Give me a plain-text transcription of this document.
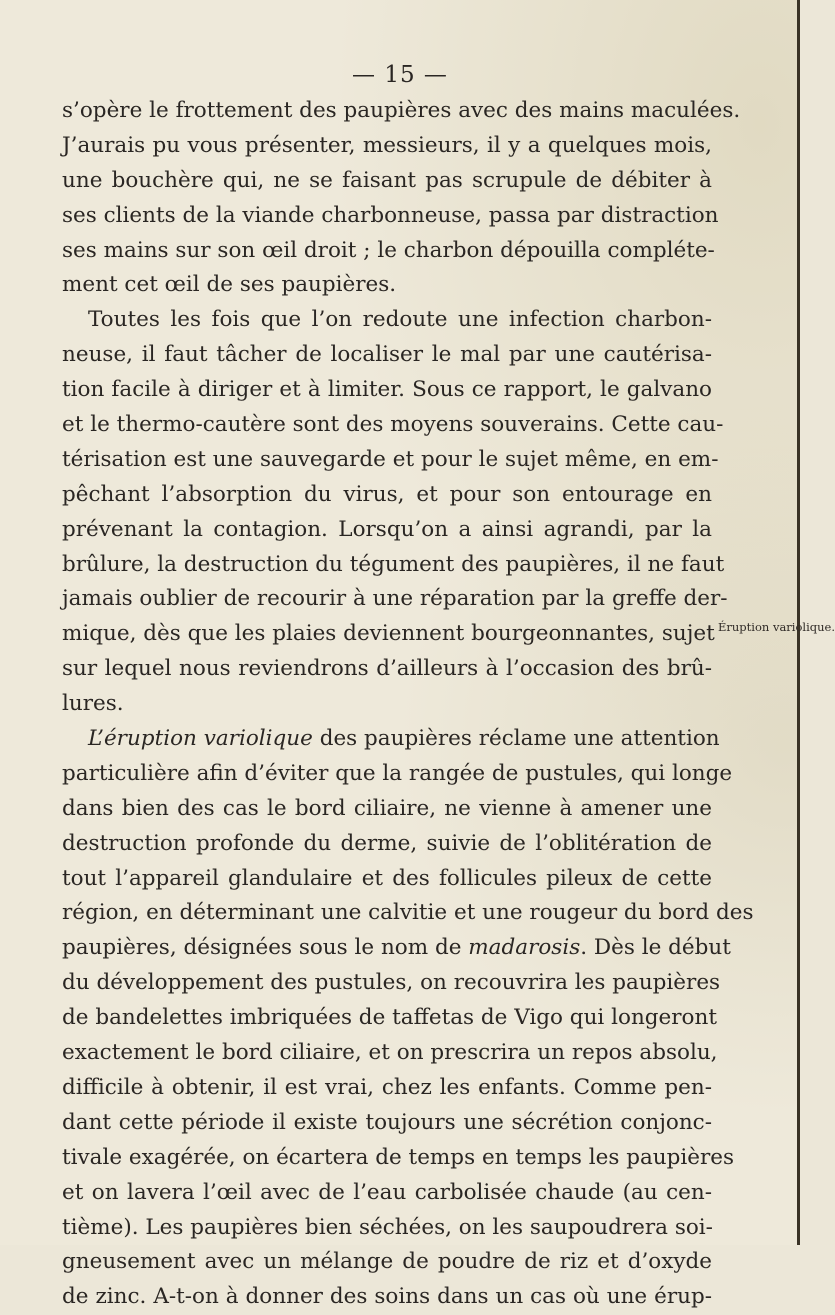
— 15 —
s’opère le frottement des paupières avec des mains maculées.
J’aurais pu vous présenter, messieurs, il y a quelques mois,
une bouchère qui, ne se faisant pas scrupule de débiter à
ses clients de la viande charbonneuse, passa par distraction
ses mains sur son œil droit ; le charbon dépouilla compléte-
ment cet œil de ses paupières.
Toutes les fois que l’on redoute une infection charbon-
neuse, il faut tâcher de localiser le mal par une cautérisa-
tion facile à diriger et à limiter. Sous ce rapport, le galvano
et le thermo-cautère sont des moyens souverains. Cette cau-
térisation est une sauvegarde et pour le sujet même, en em-
pêchant l’absorption du virus, et pour son entourage en
prévenant la contagion. Lorsqu’on a ainsi agrandi, par la
brûlure, la destruction du tégument des paupières, il ne faut
jamais oublier de recourir à une réparation par la greffe der-
mique, dès que les plaies deviennent bourgeonnantes, sujet
sur lequel nous reviendrons d’ailleurs à l’occasion des brû-
lures.
L’éruption variolique des paupières réclame une attention
particulière afin d’éviter que la rangée de pustules, qui longe
dans bien des cas le bord ciliaire, ne vienne à amener une
destruction profonde du derme, suivie de l’oblitération de
tout l’appareil glandulaire et des follicules pileux de cette
région, en déterminant une calvitie et une rougeur du bord des
paupières, désignées sous le nom de madarosis. Dès le début
du développement des pustules, on recouvrira les paupières
de bandelettes imbriquées de taffetas de Vigo qui longeront
exactement le bord ciliaire, et on prescrira un repos absolu,
difficile à obtenir, il est vrai, chez les enfants. Comme pen-
dant cette période il existe toujours une sécrétion conjonc-
tivale exagérée, on écartera de temps en temps les paupières
et on lavera l’œil avec de l’eau carbolisée chaude (au cen-
tième). Les paupières bien séchées, on les saupoudrera soi-
gneusement avec un mélange de poudre de riz et d’oxyde
de zinc. A-t-on à donner des soins dans un cas où une érup-
Éruption variolique.
